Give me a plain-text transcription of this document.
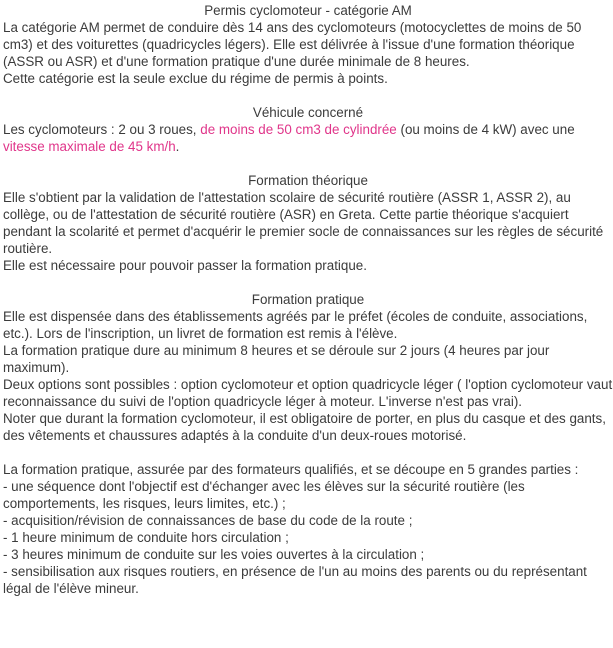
Permis cyclomoteur - catégorie AM

La catégorie AM permet de conduire dès 14 ans des cyclomoteurs (motocyclettes de moins de 50 cm3) et des voiturettes (quadricycles légers). Elle est délivrée à l'issue d'une formation théorique (ASSR ou ASR) et d'une formation pratique d'une durée minimale de 8 heures.

Cette catégorie est la seule exclue du régime de permis à points.

Véhicule concerné

Les cyclomoteurs : 2 ou 3 roues, de moins de 50 cm3 de cylindrée (ou moins de 4 kW) avec une vitesse maximale de 45 km/h.

Formation théorique

Elle s'obtient par la validation de l'attestation scolaire de sécurité routière (ASSR 1, ASSR 2), au collège, ou de l'attestation de sécurité routière (ASR) en Greta. Cette partie théorique s'acquiert pendant la scolarité et permet d'acquérir le premier socle de connaissances sur les règles de sécurité routière.

Elle est nécessaire pour pouvoir passer la formation pratique.

Formation pratique

Elle est dispensée dans des établissements agréés par le préfet (écoles de conduite, associations, etc.). Lors de l'inscription, un livret de formation est remis à l'élève.

La formation pratique dure au minimum 8 heures et se déroule sur 2 jours (4 heures par jour maximum).

Deux options sont possibles : option cyclomoteur et option quadricycle léger ( l'option cyclomoteur vaut reconnaissance du suivi de l'option quadricycle léger à moteur. L'inverse n'est pas vrai).

Noter que durant la formation cyclomoteur, il est obligatoire de porter, en plus du casque et des gants, des vêtements et chaussures adaptés à la conduite d'un deux-roues motorisé.

La formation pratique, assurée par des formateurs qualifiés, et se découpe en 5 grandes parties :

- une séquence dont l'objectif est d'échanger avec les élèves sur la sécurité routière (les comportements, les risques, leurs limites, etc.) ;

- acquisition/révision de connaissances de base du code de la route ;

- 1 heure minimum de conduite hors circulation ;

- 3 heures minimum de conduite sur les voies ouvertes à la circulation ;

- sensibilisation aux risques routiers, en présence de l'un au moins des parents ou du représentant légal de l'élève mineur.
